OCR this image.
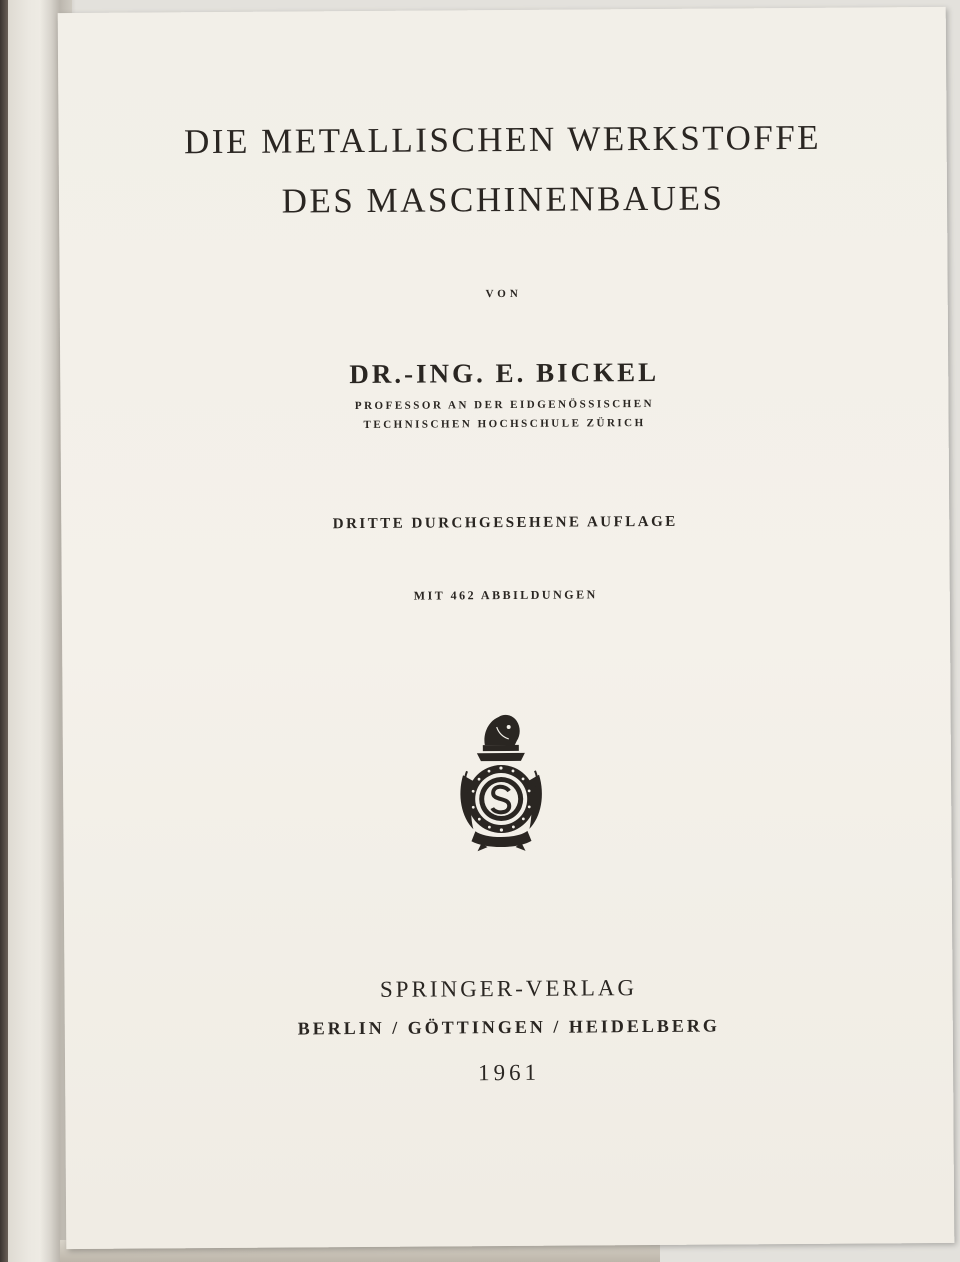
DIE METALLISCHEN WERKSTOFFE
DES MASCHINENBAUES
VON
DR.-ING. E. BICKEL
PROFESSOR AN DER EIDGENÖSSISCHEN
TECHNISCHEN HOCHSCHULE ZÜRICH
DRITTE DURCHGESEHENE AUFLAGE
MIT 462 ABBILDUNGEN
SPRINGER-VERLAG
BERLIN / GÖTTINGEN / HEIDELBERG
1961
